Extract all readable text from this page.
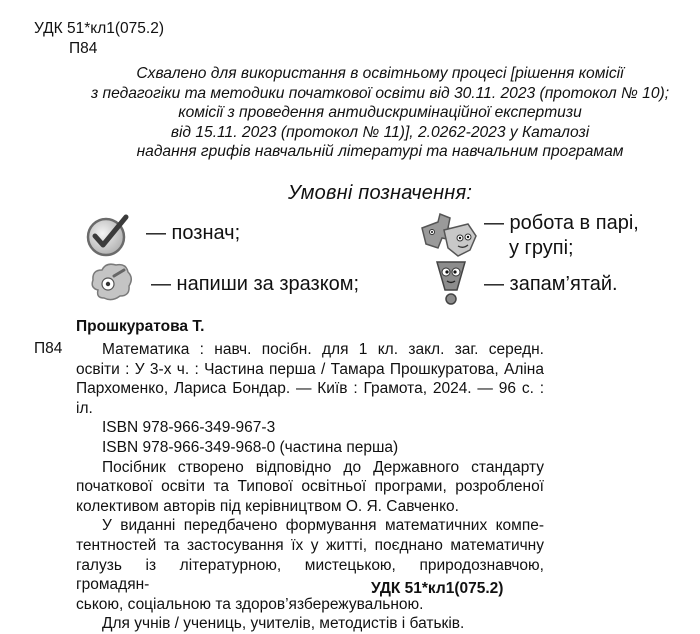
УДК 51*кл1(075.2)
П84
Схвалено для використання в освітньому процесі [рішення комісії
з педагогіки та методики початкової освіти від 30.11. 2023 (протокол № 10);
комісії з проведення антидискримінаційної експертизи
від 15.11. 2023 (протокол № 11)], 2.0262-2023 у Каталозі
надання грифів навчальній літературі та навчальним програмам
Умовні позначення:
— познач;	— робота в парі,
у групі;
— напиши за зразком;	— запам’ятай.
Прошкуратова Т.
П84	Математика : навч. посібн. для 1 кл. закл. заг. середн.
освіти : У 3-х ч. : Частина перша / Тамара Прошкуратова, Аліна
Пархоменко, Лариса Бондар. — Київ : Грамота, 2024. — 96 с. : іл.
ISBN 978-966-349-967-3
ISBN 978-966-349-968-0 (частина перша)
Посібник створено відповідно до Державного стандарту
початкової освіти та Типової освітньої програми, розробленої
колективом авторів під керівництвом О. Я. Савченко.
У виданні передбачено формування математичних компе-
тентностей та застосування їх у житті, поєднано математичну
галузь із літературною, мистецькою, природознавчою, громадян-
ською, соціальною та здоров’язбережувальною.
Для учнів / учениць, учителів, методистів і батьків.
УДК 51*кл1(075.2)
